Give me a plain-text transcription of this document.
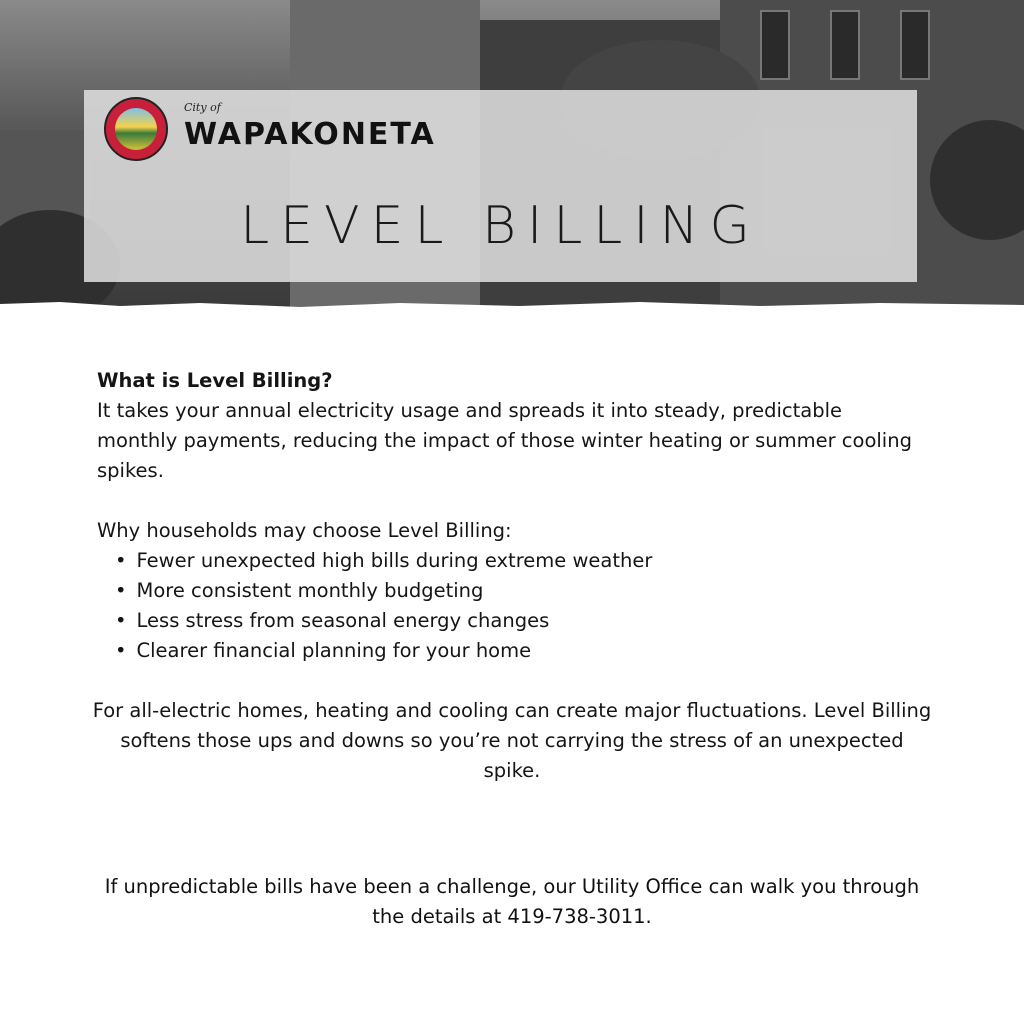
City of
WAPAKONETA
LEVEL BILLING
What is Level Billing?
It takes your annual electricity usage and spreads it into steady, predictable monthly payments, reducing the impact of those winter heating or summer cooling spikes.
Why households may choose Level Billing:
• Fewer unexpected high bills during extreme weather
• More consistent monthly budgeting
• Less stress from seasonal energy changes
• Clearer financial planning for your home
For all-electric homes, heating and cooling can create major fluctuations. Level Billing softens those ups and downs so you’re not carrying the stress of an unexpected spike.
If unpredictable bills have been a challenge, our Utility Office can walk you through the details at 419-738-3011.
